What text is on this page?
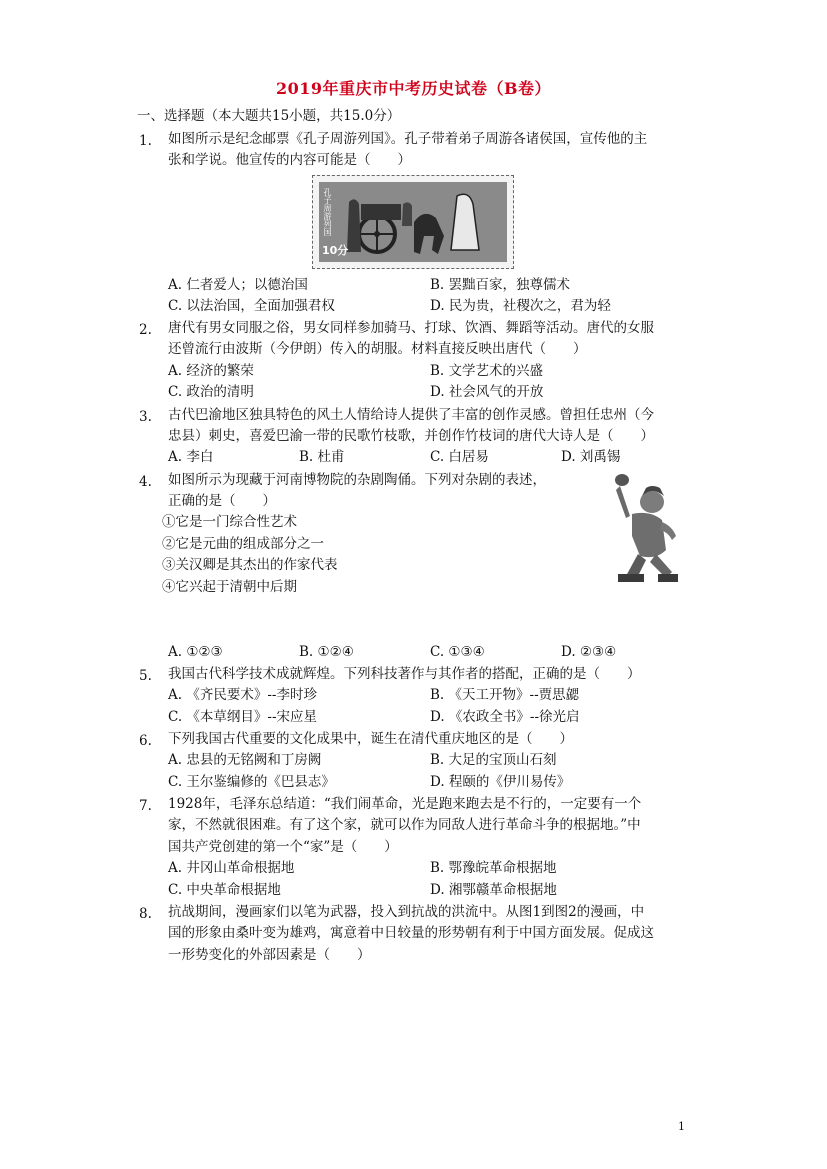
2019年重庆市中考历史试卷（B卷）
一、选择题（本大题共15小题，共15.0分）
1. 如图所示是纪念邮票《孔子周游列国》。孔子带着弟子周游各诸侯国，宣传他的主
张和学说。他宣传的内容可能是（　　）
孔子周游列国
10分
A. 仁者爱人；以德治国	B. 罢黜百家，独尊儒术
C. 以法治国，全面加强君权	D. 民为贵，社稷次之，君为轻
2. 唐代有男女同服之俗，男女同样参加骑马、打球、饮酒、舞蹈等活动。唐代的女服
还曾流行由波斯（今伊朗）传入的胡服。材料直接反映出唐代（　　）
A. 经济的繁荣	B. 文学艺术的兴盛
C. 政治的清明	D. 社会风气的开放
3. 古代巴渝地区独具特色的风土人情给诗人提供了丰富的创作灵感。曾担任忠州（今
忠县）刺史，喜爱巴渝一带的民歌竹枝歌，并创作竹枝词的唐代大诗人是（　　）
A. 李白	B. 杜甫	C. 白居易	D. 刘禹锡
4. 如图所示为现藏于河南博物院的杂剧陶俑。下列对杂剧的表述，
正确的是（　　）
①它是一门综合性艺术
②它是元曲的组成部分之一
③关汉卿是其杰出的作家代表
④它兴起于清朝中后期
A. ①②③	B. ①②④	C. ①③④	D. ②③④
5. 我国古代科学技术成就辉煌。下列科技著作与其作者的搭配，正确的是（　　）
A. 《齐民要术》--李时珍	B. 《天工开物》--贾思勰
C. 《本草纲目》--宋应星	D. 《农政全书》--徐光启
6. 下列我国古代重要的文化成果中，诞生在清代重庆地区的是（　　）
A. 忠县的无铭阙和丁房阙	B. 大足的宝顶山石刻
C. 王尔鉴编修的《巴县志》	D. 程颐的《伊川易传》
7. 1928年，毛泽东总结道：“我们闹革命，光是跑来跑去是不行的，一定要有一个
家，不然就很困难。有了这个家，就可以作为同敌人进行革命斗争的根据地。”中
国共产党创建的第一个“家”是（　　）
A. 井冈山革命根据地	B. 鄂豫皖革命根据地
C. 中央革命根据地	D. 湘鄂赣革命根据地
8. 抗战期间，漫画家们以笔为武器，投入到抗战的洪流中。从图1到图2的漫画，中
国的形象由桑叶变为雄鸡，寓意着中日较量的形势朝有利于中国方面发展。促成这
一形势变化的外部因素是（　　）
1
